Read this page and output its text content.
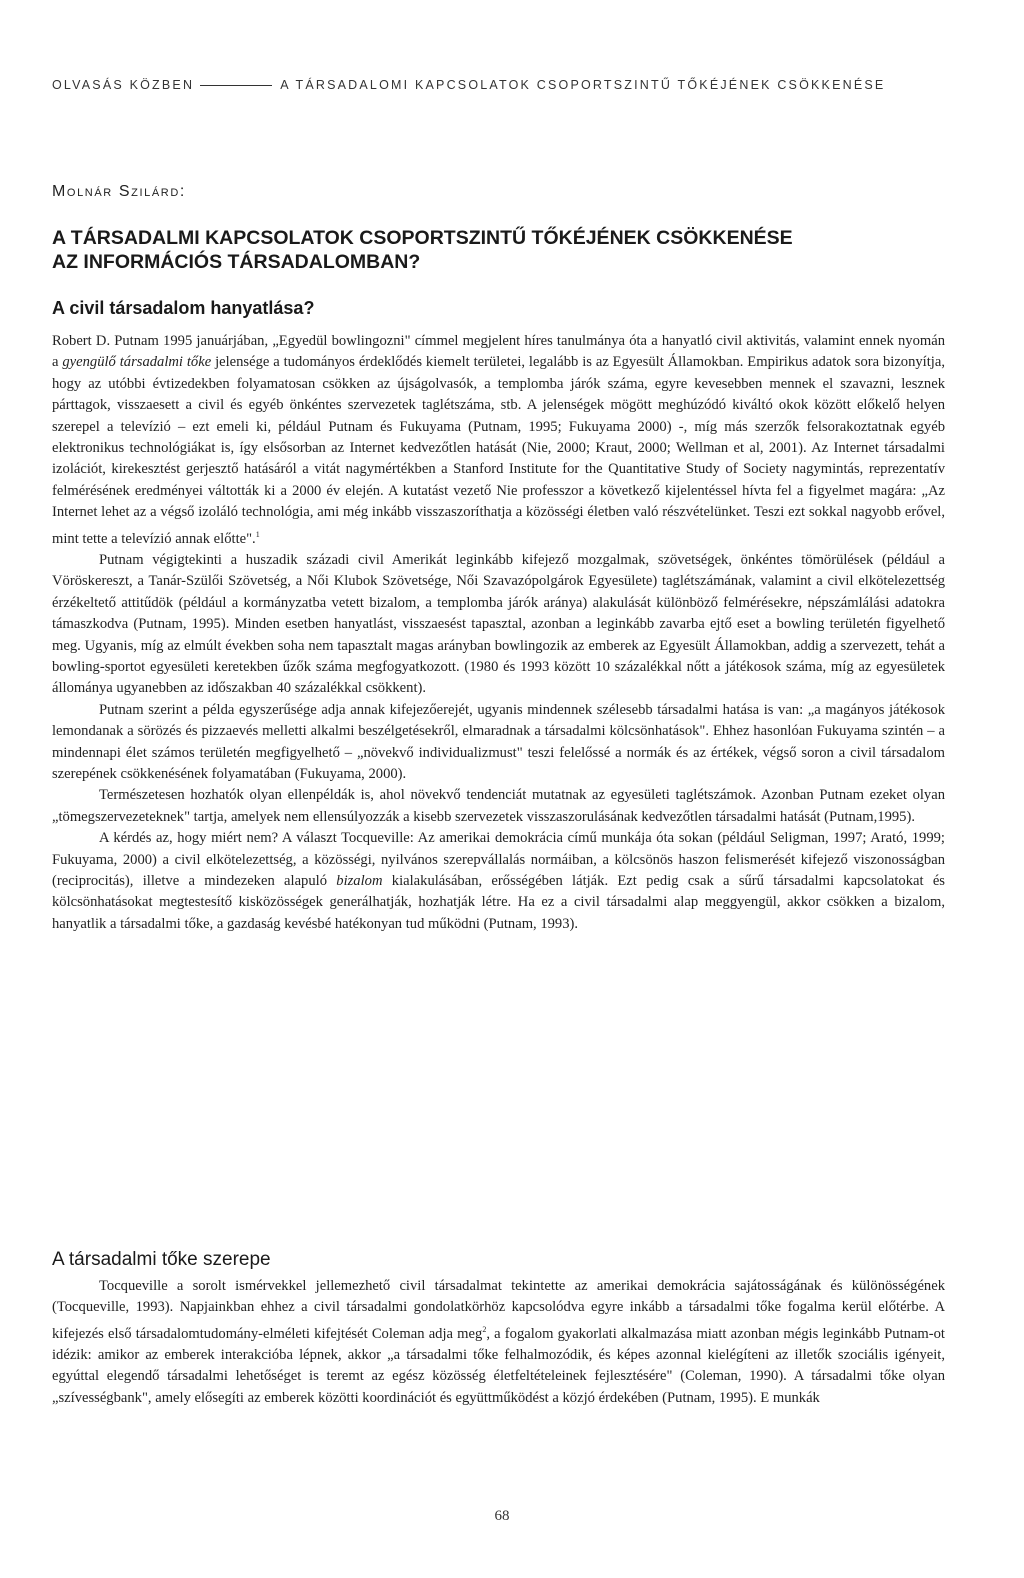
OLVASÁS KÖZBEN	A TÁRSADALOMI KAPCSOLATOK CSOPORTSZINTŰ TŐKÉJÉNEK CSÖKKENÉSE
Molnár Szilárd:
A TÁRSADALMI KAPCSOLATOK CSOPORTSZINTŰ TŐKÉJÉNEK CSÖKKENÉSE
AZ INFORMÁCIÓS TÁRSADALOMBAN?
A civil társadalom hanyatlása?

Robert D. Putnam 1995 januárjában, „Egyedül bowlingozni" címmel megjelent híres tanulmánya óta a hanyatló civil aktivitás, valamint ennek nyomán a gyengülő társadalmi tőke jelensége a tudományos érdeklődés kiemelt területei, legalább is az Egyesült Államokban. Empirikus adatok sora bizonyítja, hogy az utóbbi évtizedekben folyamatosan csökken az újságolvasók, a templomba járók száma, egyre kevesebben mennek el szavazni, lesznek párttagok, visszaesett a civil és egyéb önkéntes szervezetek taglétszáma, stb. A jelenségek mögött meghúzódó kiváltó okok között előkelő helyen szerepel a televízió – ezt emeli ki, például Putnam és Fukuyama (Putnam, 1995; Fukuyama 2000) -, míg más szerzők felsorakoztatnak egyéb elektronikus technológiákat is, így elsősorban az Internet kedvezőtlen hatását (Nie, 2000; Kraut, 2000; Wellman et al, 2001). Az Internet társadalmi izolációt, kirekesztést gerjesztő hatásáról a vitát nagymértékben a Stanford Institute for the Quantitative Study of Society nagymintás, reprezentatív felmérésének eredményei váltották ki a 2000 év elején. A kutatást vezető Nie professzor a következő kijelentéssel hívta fel a figyelmet magára: „Az Internet lehet az a végső izoláló technológia, ami még inkább visszaszoríthatja a közösségi életben való részvételünket. Teszi ezt sokkal nagyobb erővel, mint tette a televízió annak előtte".$^1$

Putnam végigtekinti a huszadik századi civil Amerikát leginkább kifejező mozgalmak, szövetségek, önkéntes tömörülések (például a Vöröskereszt, a Tanár-Szülői Szövetség, a Női Klubok Szövetsége, Női Szavazópolgárok Egyesülete) taglétszámának, valamint a civil elkötelezettség érzékeltető attitűdök (például a kormányzatba vetett bizalom, a templomba járók aránya) alakulását különböző felmérésekre, népszámlálási adatokra támaszkodva (Putnam, 1995). Minden esetben hanyatlást, visszaesést tapasztal, azonban a leginkább zavarba ejtő eset a bowling területén figyelhető meg. Ugyanis, míg az elmúlt években soha nem tapasztalt magas arányban bowlingozik az emberek az Egyesült Államokban, addig a szervezett, tehát a bowling-sportot egyesületi keretekben űzők száma megfogyatkozott. (1980 és 1993 között 10 százalékkal nőtt a játékosok száma, míg az egyesületek állománya ugyanebben az időszakban 40 százalékkal csökkent).

Putnam szerint a példa egyszerűsége adja annak kifejezőerejét, ugyanis mindennek szélesebb társadalmi hatása is van: „a magányos játékosok lemondanak a sörözés és pizzaevés melletti alkalmi beszélgetésekről, elmaradnak a társadalmi kölcsönhatások". Ehhez hasonlóan Fukuyama szintén – a mindennapi élet számos területén megfigyelhető – „növekvő individualizmust" teszi felelőssé a normák és az értékek, végső soron a civil társadalom szerepének csökkenésének folyamatában (Fukuyama, 2000).

Természetesen hozhatók olyan ellenpéldák is, ahol növekvő tendenciát mutatnak az egyesületi taglétszámok. Azonban Putnam ezeket olyan „tömegszervezeteknek" tartja, amelyek nem ellensúlyozzák a kisebb szervezetek visszaszorulásának kedvezőtlen társadalmi hatását (Putnam,1995).

A kérdés az, hogy miért nem? A választ Tocqueville: Az amerikai demokrácia című munkája óta sokan (például Seligman, 1997; Arató, 1999; Fukuyama, 2000) a civil elkötelezettség, a közösségi, nyilvános szerepvállalás normáiban, a kölcsönös haszon felismerését kifejező viszonosságban (reciprocitás), illetve a mindezeken alapuló bizalom kialakulásában, erősségében látják. Ezt pedig csak a sűrű társadalmi kapcsolatokat és kölcsönhatásokat megtestesítő kisközösségek generálhatják, hozhatják létre. Ha ez a civil társadalmi alap meggyengül, akkor csökken a bizalom, hanyatlik a társadalmi tőke, a gazdaság kevésbé hatékonyan tud működni (Putnam, 1993).

A társadalmi tőke szerepe

Tocqueville a sorolt ismérvekkel jellemezhető civil társadalmat tekintette az amerikai demokrácia sajátosságának és különösségének (Tocqueville, 1993). Napjainkban ehhez a civil társadalmi gondolatkörhöz kapcsolódva egyre inkább a társadalmi tőke fogalma kerül előtérbe. A kifejezés első társadalomtudomány-elméleti kifejtését Coleman adja meg$^2$, a fogalom gyakorlati alkalmazása miatt azonban mégis leginkább Putnam-ot idézik: amikor az emberek interakcióba lépnek, akkor „a társadalmi tőke felhalmozódik, és képes azonnal kielégíteni az illetők szociális igényeit, egyúttal elegendő társadalmi lehetőséget is teremt az egész közösség életfeltételeinek fejlesztésére" (Coleman, 1990). A társadalmi tőke olyan „szívességbank", amely elősegíti az emberek közötti koordinációt és együttműködést a közjó érdekében (Putnam, 1995). E munkák

68
